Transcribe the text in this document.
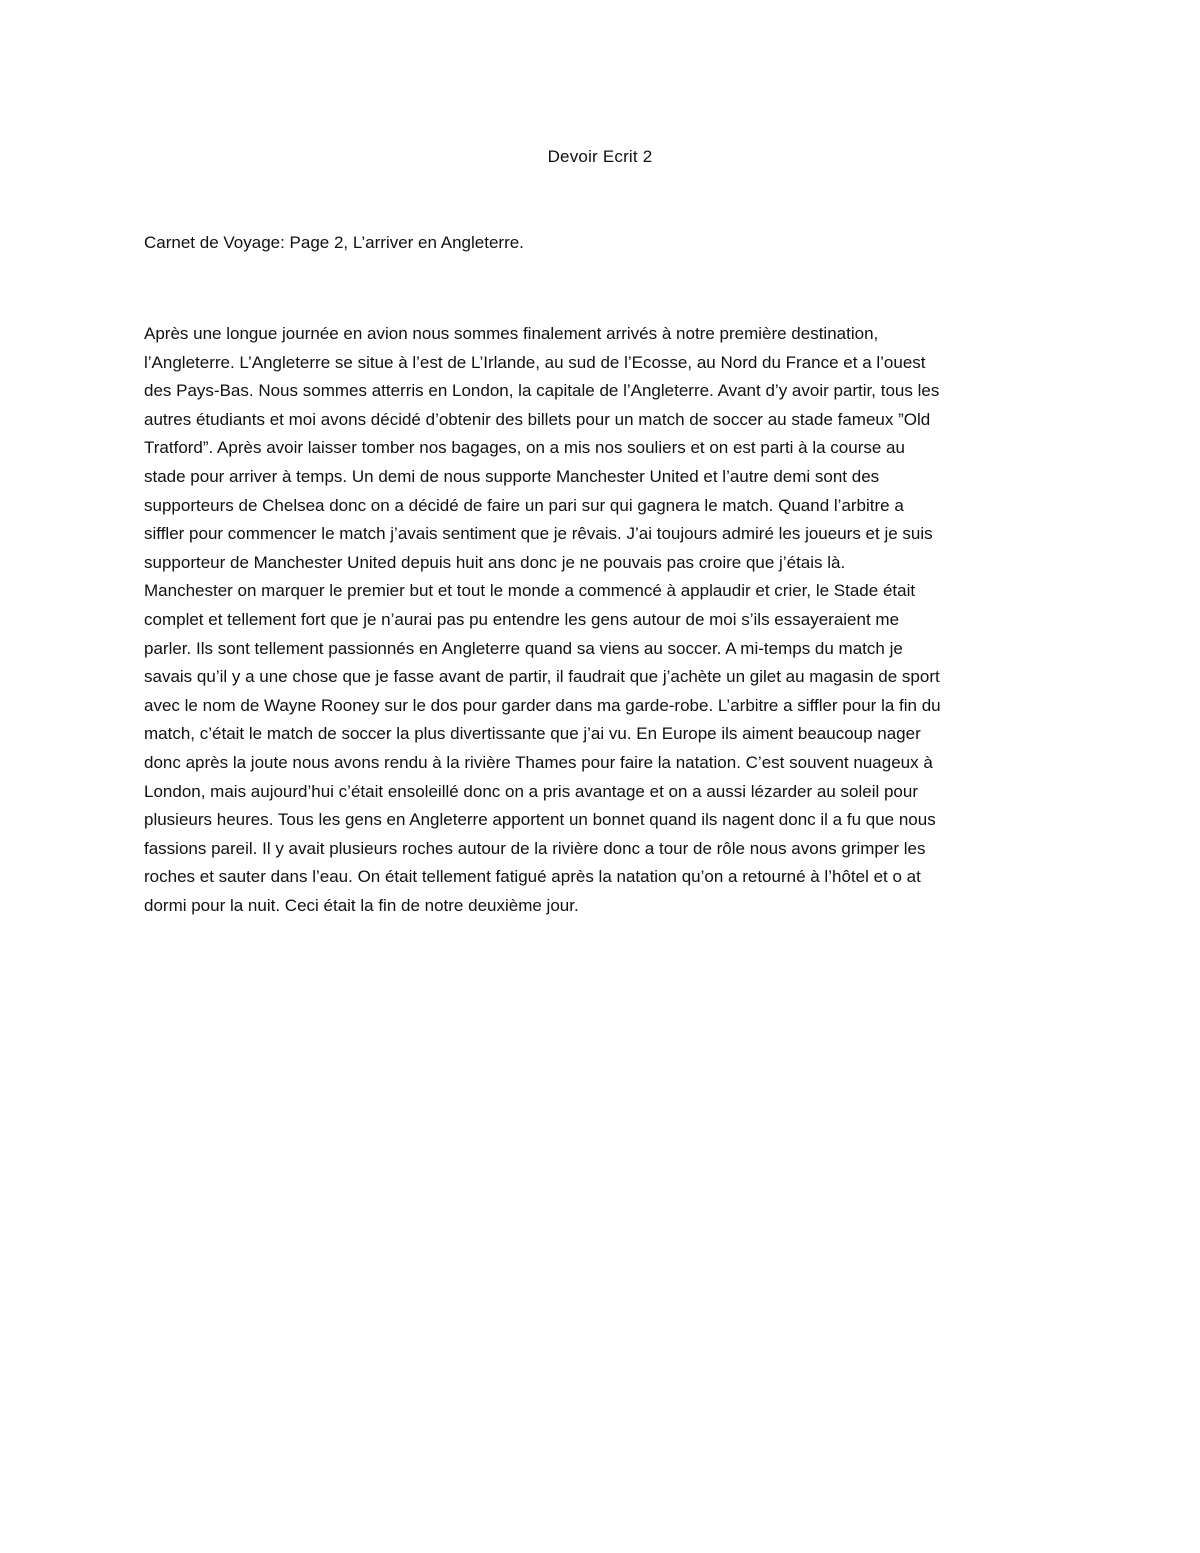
Devoir Ecrit 2
Carnet de Voyage: Page 2, L’arriver en Angleterre.
Après une longue journée en avion nous sommes finalement arrivés à notre première destination,
l’Angleterre. L’Angleterre se situe à l’est de L’Irlande, au sud de l’Ecosse, au Nord du France et a l’ouest
des Pays-Bas. Nous sommes atterris en London, la capitale de l’Angleterre. Avant d’y avoir partir, tous les
autres étudiants et moi avons décidé d’obtenir des billets pour un match de soccer au stade fameux ”Old
Tratford”. Après avoir laisser tomber nos bagages, on a mis nos souliers et on est parti à la course au
stade pour arriver à temps. Un demi de nous supporte Manchester United et l’autre demi sont des
supporteurs de Chelsea donc on a décidé de faire un pari sur qui gagnera le match. Quand l’arbitre a
siffler pour commencer le match j’avais sentiment que je rêvais. J’ai toujours admiré les joueurs et je suis
supporteur de Manchester United depuis huit ans donc je ne pouvais pas croire que j’étais là.
Manchester on marquer le premier but et tout le monde a commencé à applaudir et crier, le Stade était
complet et tellement fort que je n’aurai pas pu entendre les gens autour de moi s’ils essayeraient me
parler. Ils sont tellement passionnés en Angleterre quand sa viens au soccer. A mi-temps du match je
savais qu’il y a une chose que je fasse avant de partir, il faudrait que j’achète un gilet au magasin de sport
avec le nom de Wayne Rooney sur le dos pour garder dans ma garde-robe. L’arbitre a siffler pour la fin du
match, c’était le match de soccer la plus divertissante que j’ai vu. En Europe ils aiment beaucoup nager
donc après la joute nous avons rendu à la rivière Thames pour faire la natation. C’est souvent nuageux à
London, mais aujourd’hui c’était ensoleillé donc on a pris avantage et on a aussi lézarder au soleil pour
plusieurs heures. Tous les gens en Angleterre apportent un bonnet quand ils nagent donc il a fu que nous
fassions pareil. Il y avait plusieurs roches autour de la rivière donc a tour de rôle nous avons grimper les
roches et sauter dans l’eau. On était tellement fatigué après la natation qu’on a retourné à l’hôtel et o at
dormi pour la nuit. Ceci était la fin de notre deuxième jour.
